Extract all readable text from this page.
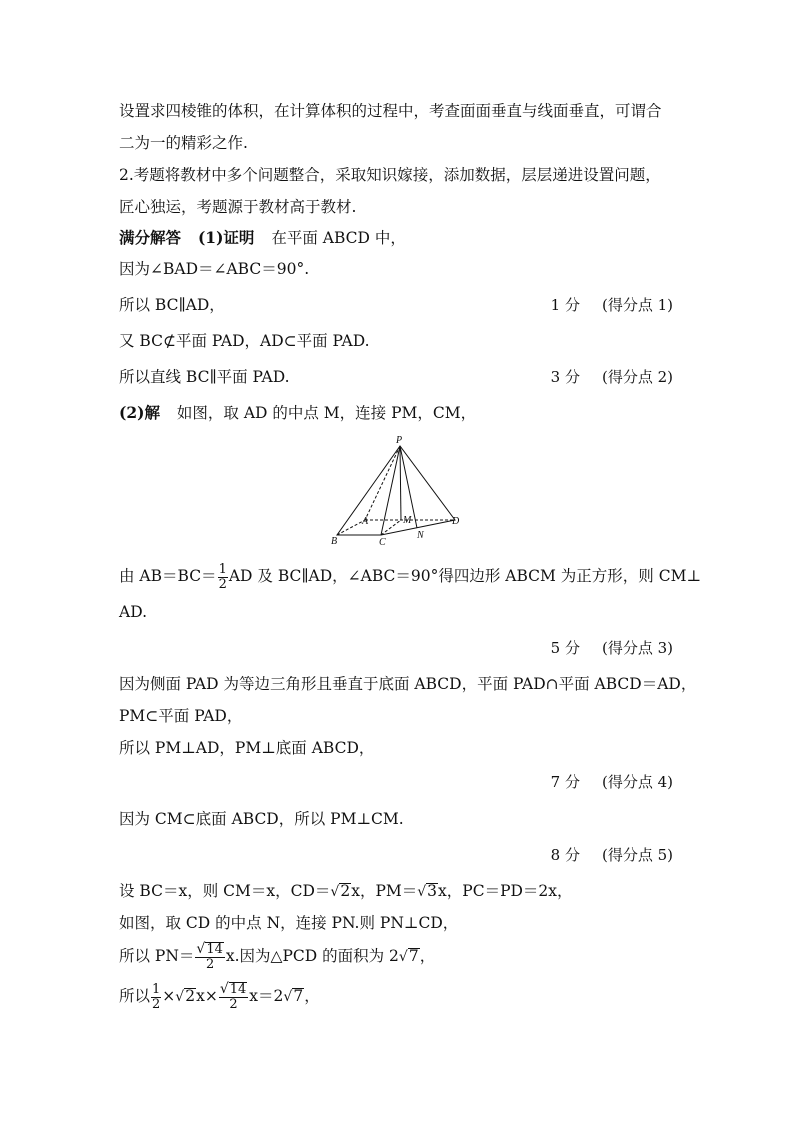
设置求四棱锥的体积，在计算体积的过程中，考查面面垂直与线面垂直，可谓合
二为一的精彩之作.
2.考题将教材中多个问题整合，采取知识嫁接，添加数据，层层递进设置问题，
匠心独运，考题源于教材高于教材.
满分解答 (1)证明 在平面 ABCD 中，
因为∠BAD＝∠ABC＝90°.
所以 BC∥AD，	1 分 (得分点 1)
又 BC⊄平面 PAD，AD⊂平面 PAD.
所以直线 BC∥平面 PAD.	3 分 (得分点 2)
(2)解 如图，取 AD 的中点 M，连接 PM，CM，
P
A	M	D
B	C
N
由 $AB=BC= \frac{1}{2}$ AD 及 BC∥AD，∠ABC＝90°得四边形 ABCM 为正方形，则 CM⊥
AD.
5 分 (得分点 3)
因为侧面 PAD 为等边三角形且垂直于底面 ABCD，平面 PAD∩平面 ABCD＝AD，
PM⊂平面 PAD，
所以 PM⊥AD，PM⊥底面 ABCD，
7 分 (得分点 4)
因为 CM⊂底面 ABCD，所以 PM⊥CM.
8 分 (得分点 5)
设 BC＝x，则 CM＝x，CD＝√2x，PM＝√3x，PC＝PD＝2x，
如图，取 CD 的中点 N，连接 PN.则 PN⊥CD，
所以 $PN= \frac{√14}{2} x$.因为△PCD 的面积为 2√7，
所以 $\frac{1}{2} \times√2x\times \frac{√14}{2} x=2√7$，
